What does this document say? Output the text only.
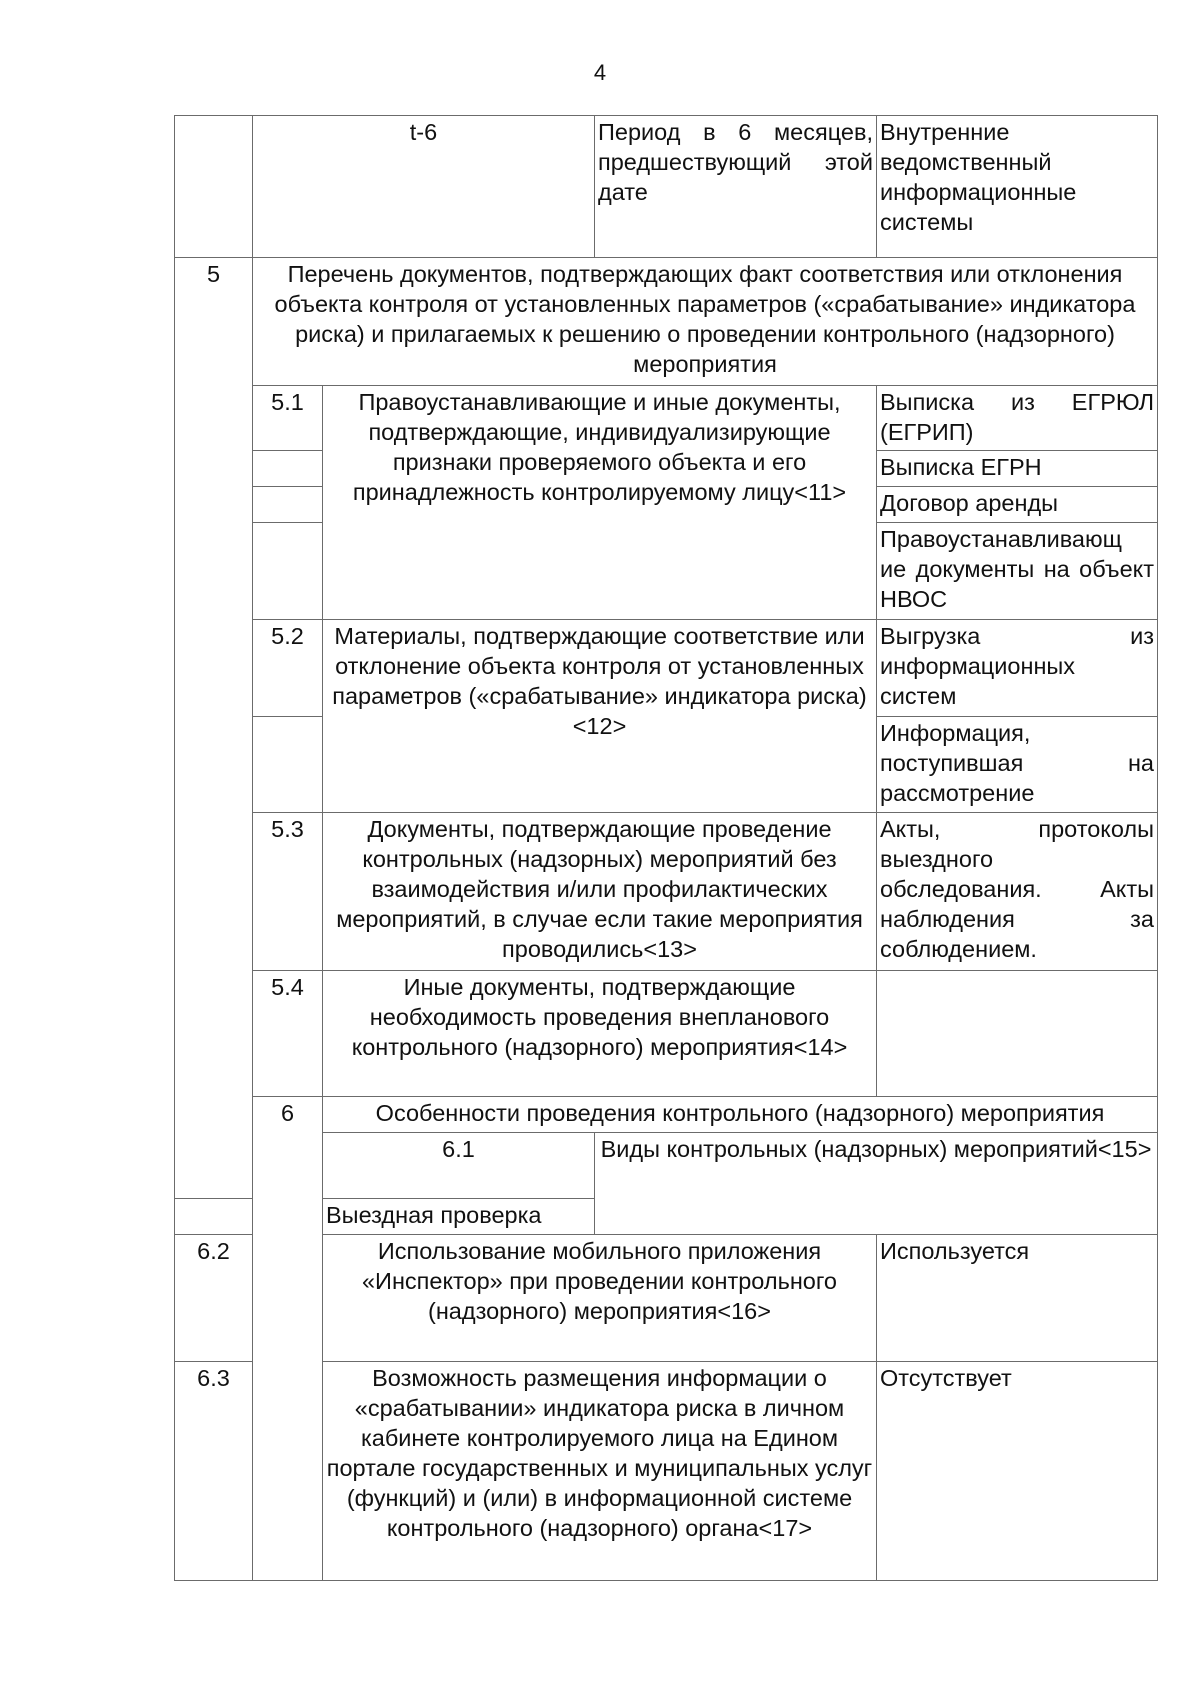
4
	t-6		Период в 6 месяцев, предшествующий этой дате	Внутренние ведомственный информационные системы	
5	Перечень документов, подтверждающих факт соответствия или отклонения объекта контроля от установленных параметров («срабатывание» индикатора риска) и прилагаемых к решению о проведении контрольного (надзорного) мероприятия				
	5.1	Правоустанавливающие и иные документы, подтверждающие, индивидуализирующие признаки проверяемого объекта и его принадлежность контролируемому лицу<11>		Выписка из ЕГРЮЛ (ЕГРИП)	
				Выписка ЕГРН	
				Договор аренды	
				Правоустанавливающ ие документы на объект НВОС	
	5.2	Материалы, подтверждающие соответствие или отклонение объекта контроля от установленных параметров («срабатывание» индикатора риска)<12>		Выгрузка из информационных систем	
				Информация, поступившая на рассмотрение	
	5.3	Документы, подтверждающие проведение контрольных (надзорных) мероприятий без взаимодействия и/или профилактических мероприятий, в случае если такие мероприятия проводились<13>		Акты, протоколы выездного обследования. Акты наблюдения за соблюдением.	
	5.4	Иные документы, подтверждающие необходимость проведения внепланового контрольного (надзорного) мероприятия<14>			
	6	Особенности проведения контрольного (надзорного) мероприятия			
		6.1	Виды контрольных (надзорных) мероприятий<15>	
		Выездная проверка			
6.2		Использование мобильного приложения «Инспектор» при проведении контрольного (надзорного) мероприятия<16>		Используется	
6.3		Возможность размещения информации о «срабатывании» индикатора риска в личном кабинете контролируемого лица на Едином портале государственных и муниципальных услуг (функций) и (или) в информационной системе контрольного (надзорного) органа<17>		Отсутствует	
